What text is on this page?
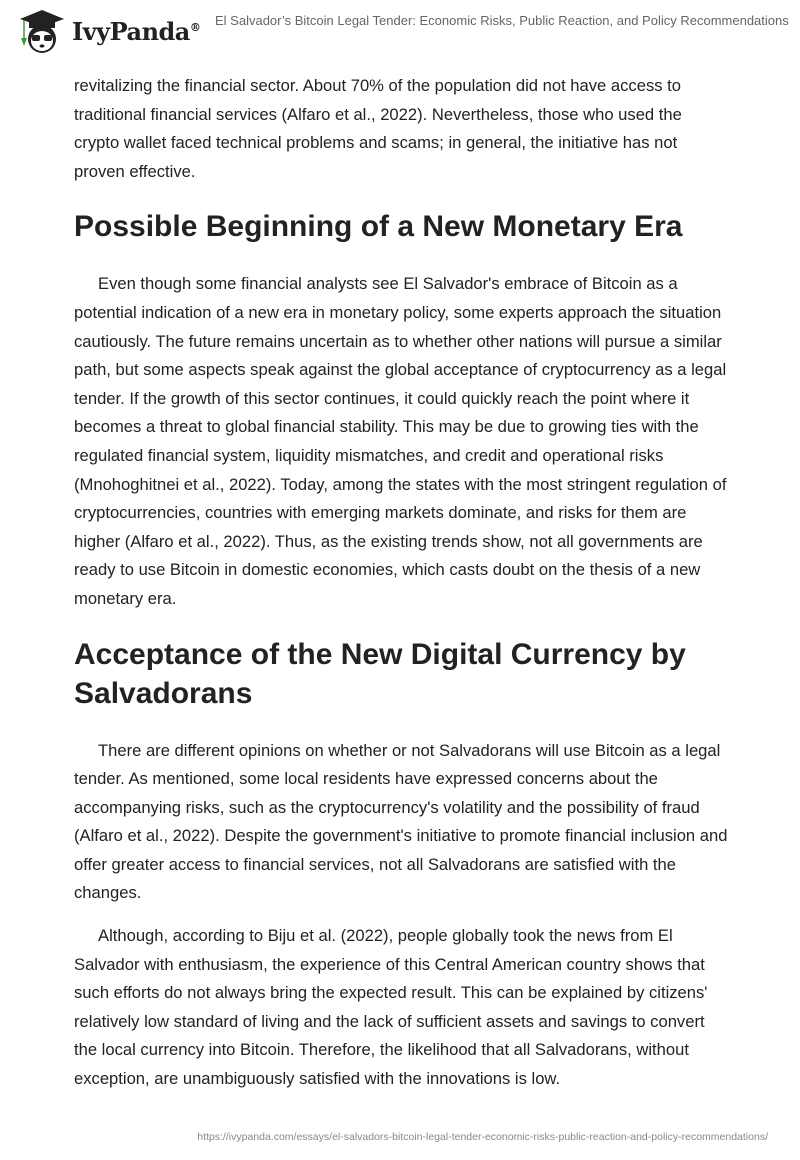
IvyPanda® El Salvador’s Bitcoin Legal Tender: Economic Risks, Public Reaction, and Policy Recommendations

revitalizing the financial sector. About 70% of the population did not have access to traditional financial services (Alfaro et al., 2022). Nevertheless, those who used the crypto wallet faced technical problems and scams; in general, the initiative has not proven effective.

Possible Beginning of a New Monetary Era

Even though some financial analysts see El Salvador's embrace of Bitcoin as a potential indication of a new era in monetary policy, some experts approach the situation cautiously. The future remains uncertain as to whether other nations will pursue a similar path, but some aspects speak against the global acceptance of cryptocurrency as a legal tender. If the growth of this sector continues, it could quickly reach the point where it becomes a threat to global financial stability. This may be due to growing ties with the regulated financial system, liquidity mismatches, and credit and operational risks (Mnohoghitnei et al., 2022). Today, among the states with the most stringent regulation of cryptocurrencies, countries with emerging markets dominate, and risks for them are higher (Alfaro et al., 2022). Thus, as the existing trends show, not all governments are ready to use Bitcoin in domestic economies, which casts doubt on the thesis of a new monetary era.

Acceptance of the New Digital Currency by Salvadorans

There are different opinions on whether or not Salvadorans will use Bitcoin as a legal tender. As mentioned, some local residents have expressed concerns about the accompanying risks, such as the cryptocurrency's volatility and the possibility of fraud (Alfaro et al., 2022). Despite the government's initiative to promote financial inclusion and offer greater access to financial services, not all Salvadorans are satisfied with the changes.

Although, according to Biju et al. (2022), people globally took the news from El Salvador with enthusiasm, the experience of this Central American country shows that such efforts do not always bring the expected result. This can be explained by citizens' relatively low standard of living and the lack of sufficient assets and savings to convert the local currency into Bitcoin. Therefore, the likelihood that all Salvadorans, without exception, are unambiguously satisfied with the innovations is low.

https://ivypanda.com/essays/el-salvadors-bitcoin-legal-tender-economic-risks-public-reaction-and-policy-recommendations/
